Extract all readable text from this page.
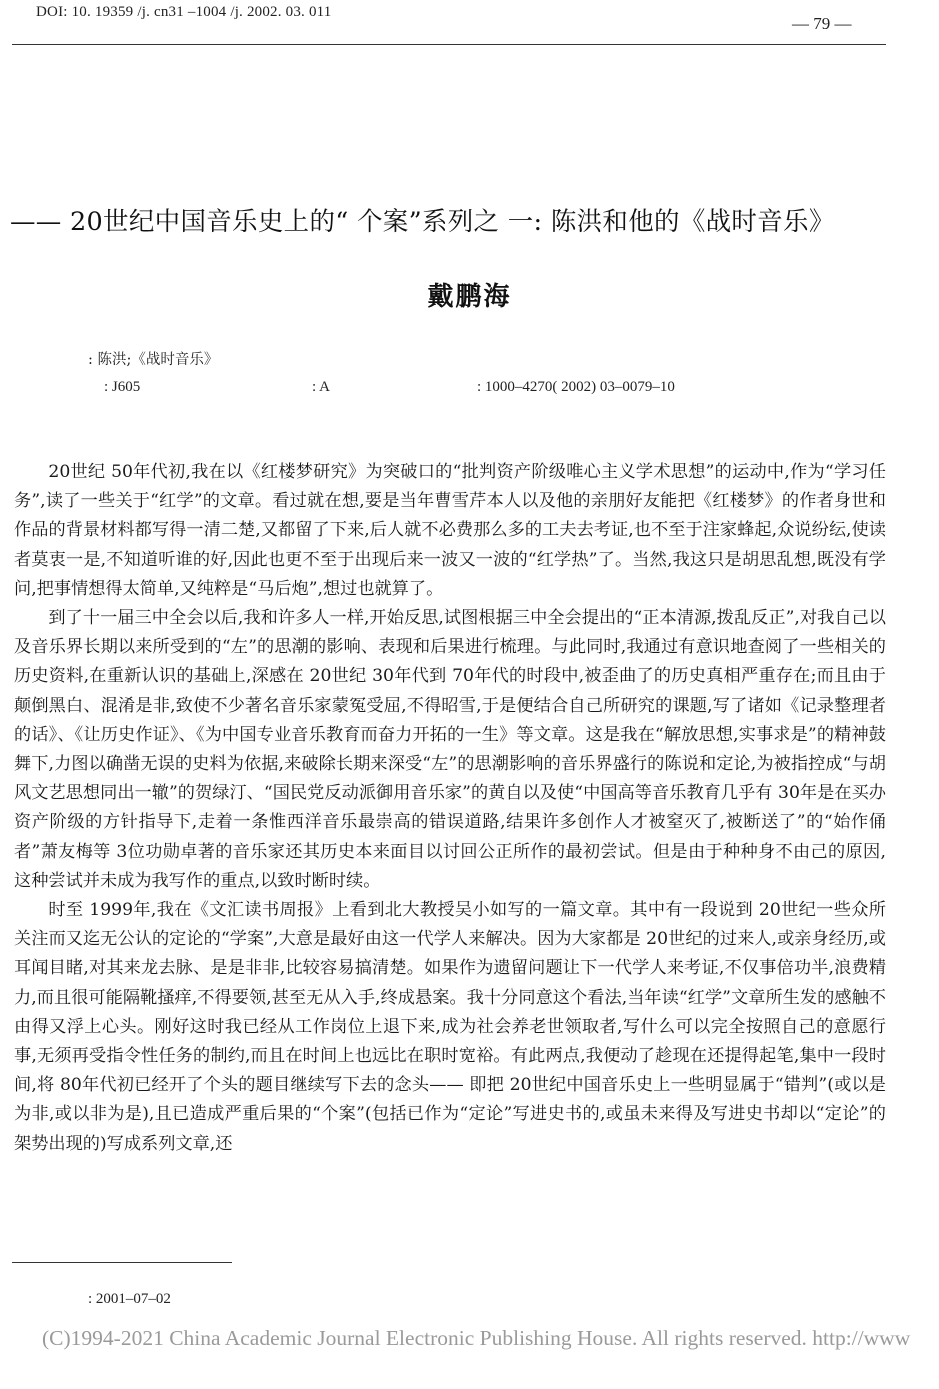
DOI: 10. 19359 /j. cn31 –1004 /j. 2002. 03. 011
— 79 —
—— 20世纪中国音乐史上的“ 个案”系列之 一: 陈洪和他的《战时音乐》
戴鹏海
: 陈洪;《战时音乐》
: J605	: A	: 1000–4270( 2002) 03–0079–10

20世纪 50年代初,我在以《红楼梦研究》为突破口的“批判资产阶级唯心主义学术思想”的运动中,作为“学习任务”,读了一些关于“红学”的文章。看过就在想,要是当年曹雪芹本人以及他的亲朋好友能把《红楼梦》的作者身世和作品的背景材料都写得一清二楚,又都留了下来,后人就不必费那么多的工夫去考证,也不至于注家蜂起,众说纷纭,使读者莫衷一是,不知道听谁的好,因此也更不至于出现后来一波又一波的“红学热”了。当然,我这只是胡思乱想,既没有学问,把事情想得太简单,又纯粹是“马后炮”,想过也就算了。

到了十一届三中全会以后,我和许多人一样,开始反思,试图根据三中全会提出的“正本清源,拨乱反正”,对我自己以及音乐界长期以来所受到的“左”的思潮的影响、表现和后果进行梳理。与此同时,我通过有意识地查阅了一些相关的历史资料,在重新认识的基础上,深感在 20世纪 30年代到 70年代的时段中,被歪曲了的历史真相严重存在;而且由于颠倒黑白、混淆是非,致使不少著名音乐家蒙冤受屈,不得昭雪,于是便结合自己所研究的课题,写了诸如《记录整理者的话》、《让历史作证》、《为中国专业音乐教育而奋力开拓的一生》等文章。这是我在“解放思想,实事求是”的精神鼓舞下,力图以确凿无误的史料为依据,来破除长期来深受“左”的思潮影响的音乐界盛行的陈说和定论,为被指控成“与胡风文艺思想同出一辙”的贺绿汀、“国民党反动派御用音乐家”的黄自以及使“中国高等音乐教育几乎有 30年是在买办资产阶级的方针指导下,走着一条惟西洋音乐最崇高的错误道路,结果许多创作人才被窒灭了,被断送了”的“始作俑者”萧友梅等 3位功勋卓著的音乐家还其历史本来面目以讨回公正所作的最初尝试。但是由于种种身不由己的原因,这种尝试并未成为我写作的重点,以致时断时续。

时至 1999年,我在《文汇读书周报》上看到北大教授吴小如写的一篇文章。其中有一段说到 20世纪一些众所关注而又迄无公认的定论的“学案”,大意是最好由这一代学人来解决。因为大家都是 20世纪的过来人,或亲身经历,或耳闻目睹,对其来龙去脉、是是非非,比较容易搞清楚。如果作为遗留问题让下一代学人来考证,不仅事倍功半,浪费精力,而且很可能隔靴搔痒,不得要领,甚至无从入手,终成悬案。我十分同意这个看法,当年读“红学”文章所生发的感触不由得又浮上心头。刚好这时我已经从工作岗位上退下来,成为社会养老世领取者,写什么可以完全按照自己的意愿行事,无须再受指令性任务的制约,而且在时间上也远比在职时宽裕。有此两点,我便动了趁现在还提得起笔,集中一段时间,将 80年代初已经开了个头的题目继续写下去的念头—— 即把 20世纪中国音乐史上一些明显属于“错判”(或以是为非,或以非为是),且已造成严重后果的“个案”(包括已作为“定论”写进史书的,或虽未来得及写进史书却以“定论”的架势出现的)写成系列文章,还

: 2001–07–02
(C)1994-2021 China Academic Journal Electronic Publishing House. All rights reserved. http://www
